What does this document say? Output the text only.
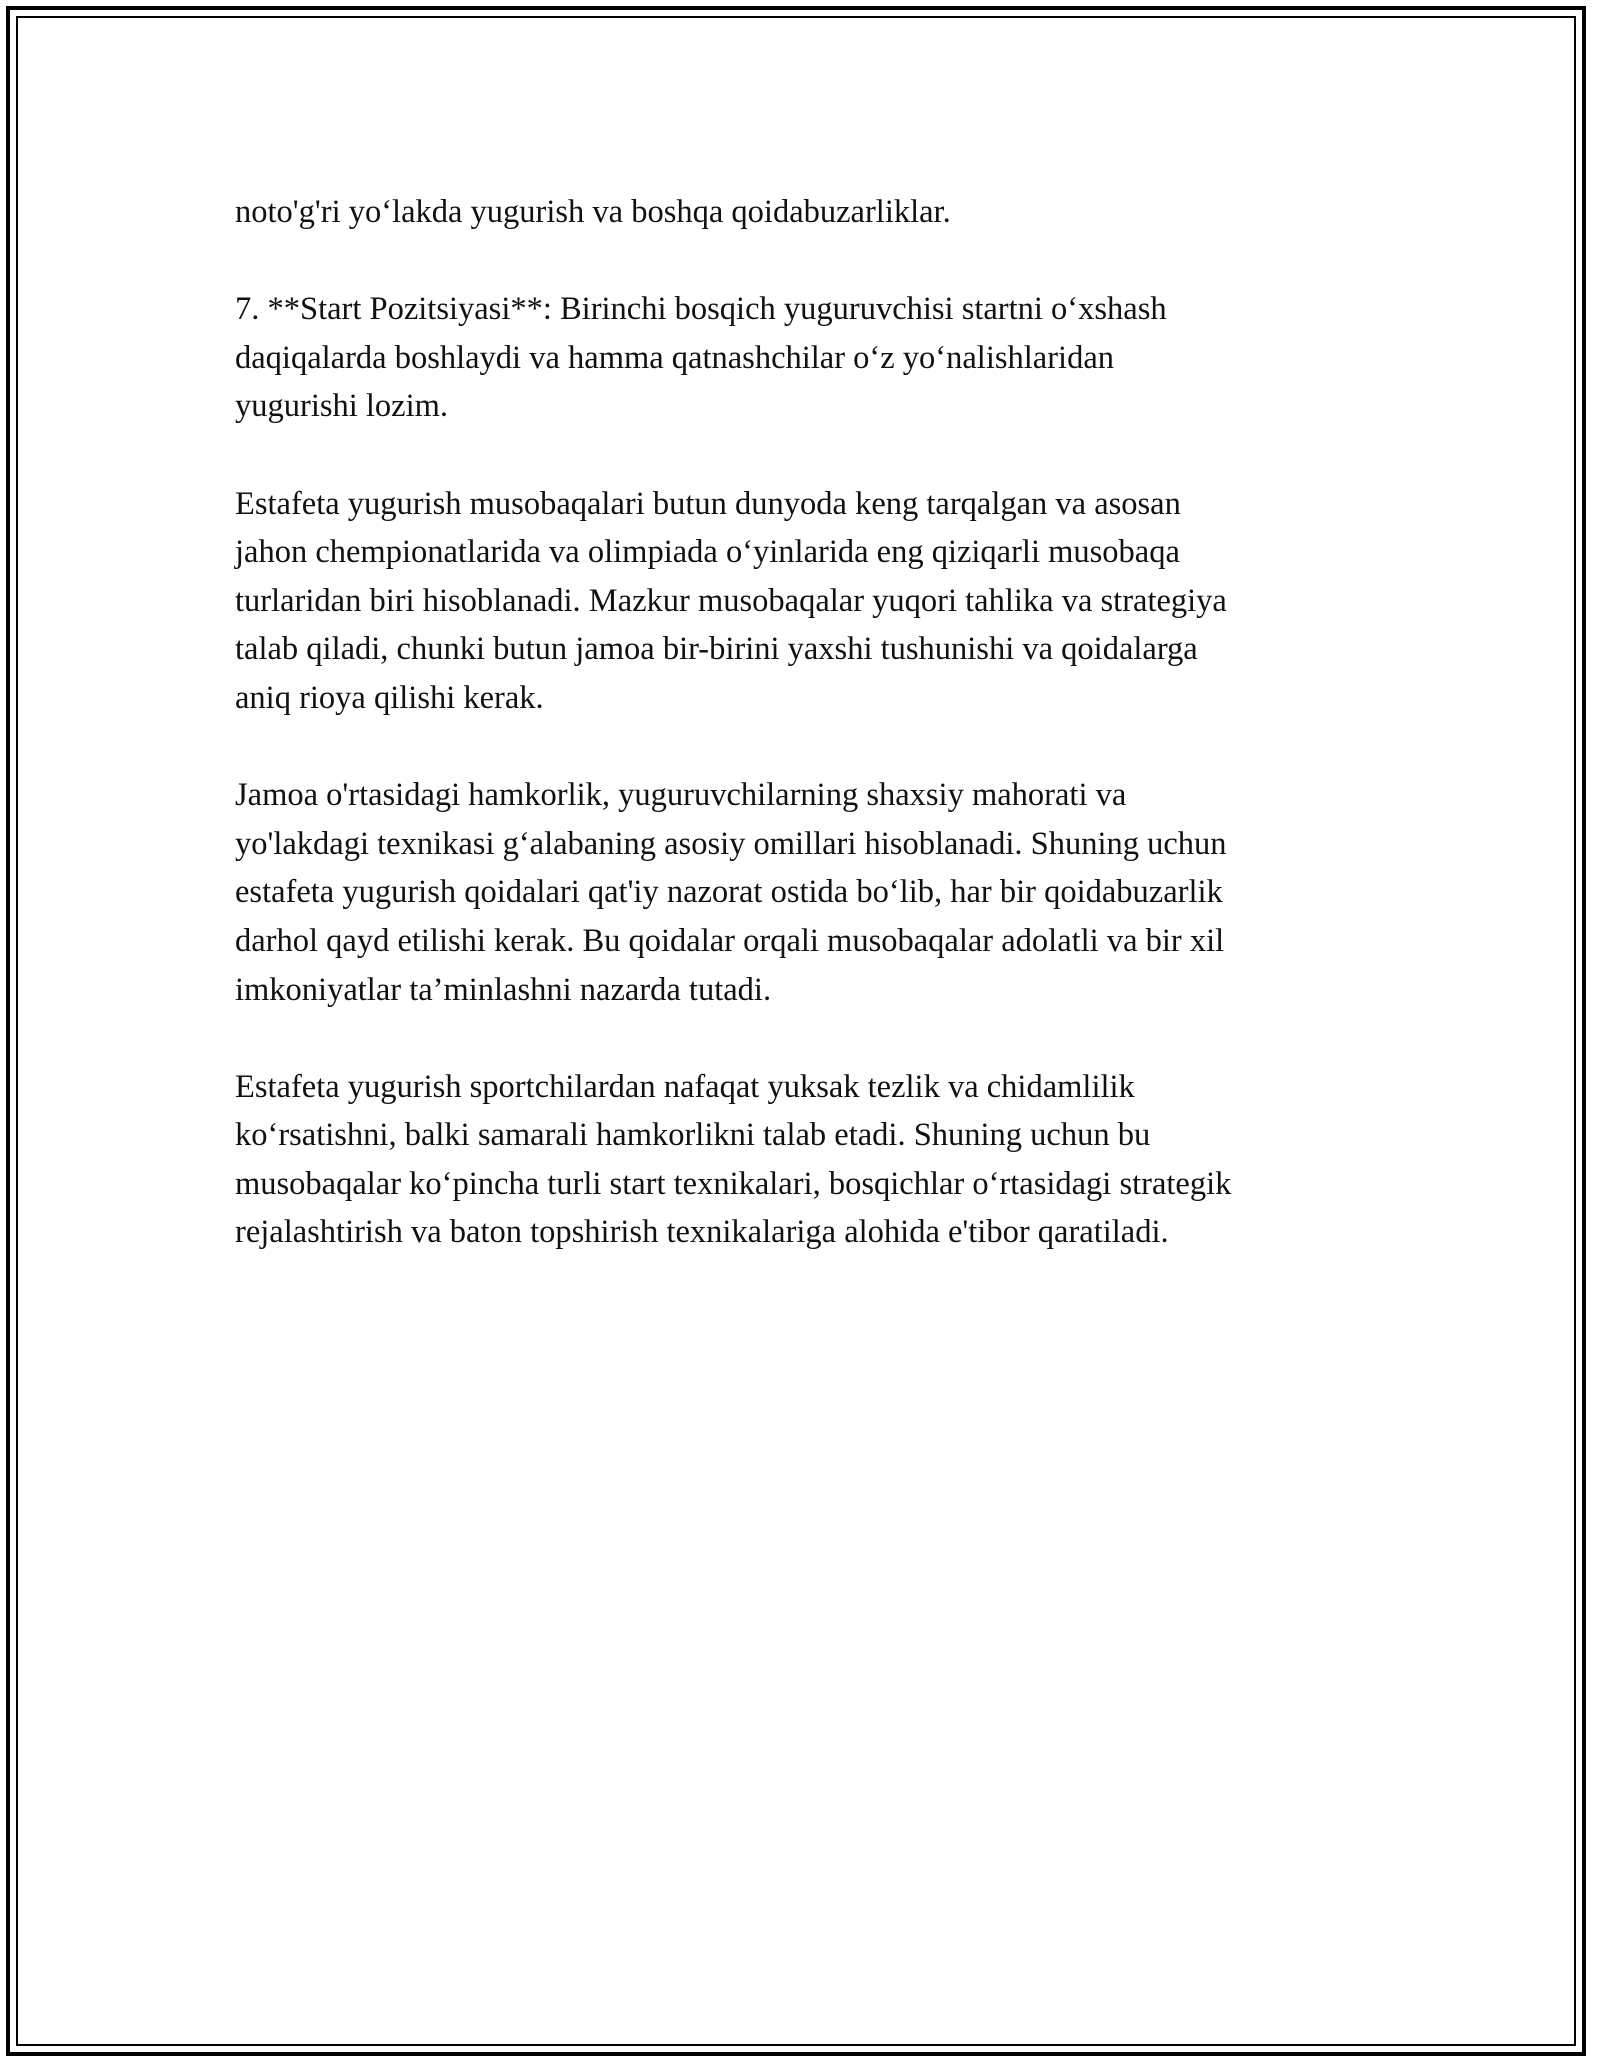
noto'g'ri yo‘lakda yugurish va boshqa qoidabuzarliklar.

7. **Start Pozitsiyasi**: Birinchi bosqich yuguruvchisi startni o‘xshash
daqiqalarda boshlaydi va hamma qatnashchilar o‘z yo‘nalishlaridan
yugurishi lozim.

Estafeta yugurish musobaqalari butun dunyoda keng tarqalgan va asosan
jahon chempionatlarida va olimpiada o‘yinlarida eng qiziqarli musobaqa
turlaridan biri hisoblanadi. Mazkur musobaqalar yuqori tahlika va strategiya
talab qiladi, chunki butun jamoa bir-birini yaxshi tushunishi va qoidalarga
aniq rioya qilishi kerak.

Jamoa o'rtasidagi hamkorlik, yuguruvchilarning shaxsiy mahorati va
yo'lakdagi texnikasi g‘alabaning asosiy omillari hisoblanadi. Shuning uchun
estafeta yugurish qoidalari qat'iy nazorat ostida bo‘lib, har bir qoidabuzarlik
darhol qayd etilishi kerak. Bu qoidalar orqali musobaqalar adolatli va bir xil
imkoniyatlar ta’minlashni nazarda tutadi.

Estafeta yugurish sportchilardan nafaqat yuksak tezlik va chidamlilik
ko‘rsatishni, balki samarali hamkorlikni talab etadi. Shuning uchun bu
musobaqalar ko‘pincha turli start texnikalari, bosqichlar o‘rtasidagi strategik
rejalashtirish va baton topshirish texnikalariga alohida e'tibor qaratiladi.
